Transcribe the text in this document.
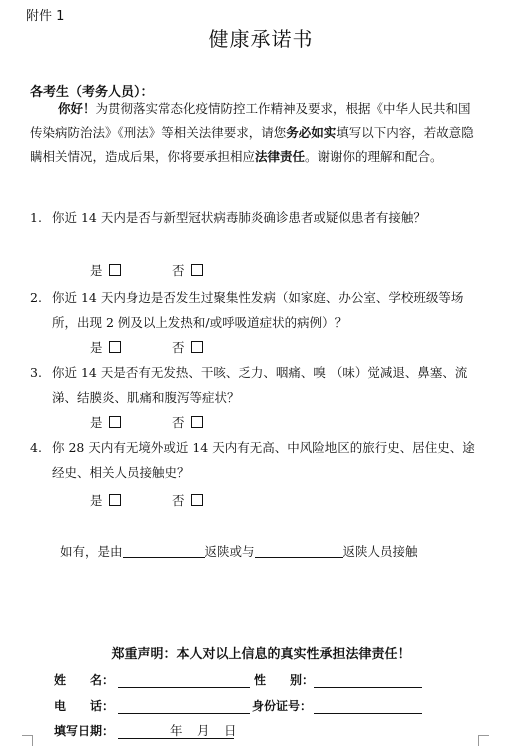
附件 1
健康承诺书
各考生（考务人员）：
你好！为贯彻落实常态化疫情防控工作精神及要求，根据《中华人民共和国传染病防治法》《刑法》等相关法律要求，请您务必如实填写以下内容，若故意隐瞒相关情况，造成后果，你将要承担相应法律责任。谢谢你的理解和配合。
1. 你近 14 天内是否与新型冠状病毒肺炎确诊患者或疑似患者有接触？
是	否
2. 你近 14 天内身边是否发生过聚集性发病（如家庭、办公室、学校班级等场所，出现 2 例及以上发热和/或呼吸道症状的病例）？
是	否
3. 你近 14 天是否有无发热、干咳、乏力、咽痛、嗅 （味）觉减退、鼻塞、流涕、结膜炎、肌痛和腹泻等症状？
是	否
4. 你 28 天内有无境外或近 14 天内有无高、中风险地区的旅行史、居住史、途经史、相关人员接触史？
是	否
如有，是由	返陕或与	返陕人员接触
郑重声明：本人对以上信息的真实性承担法律责任！
姓　　名：	性　　别：
电　　话：	身份证号：
填写日期：	年 月 日
